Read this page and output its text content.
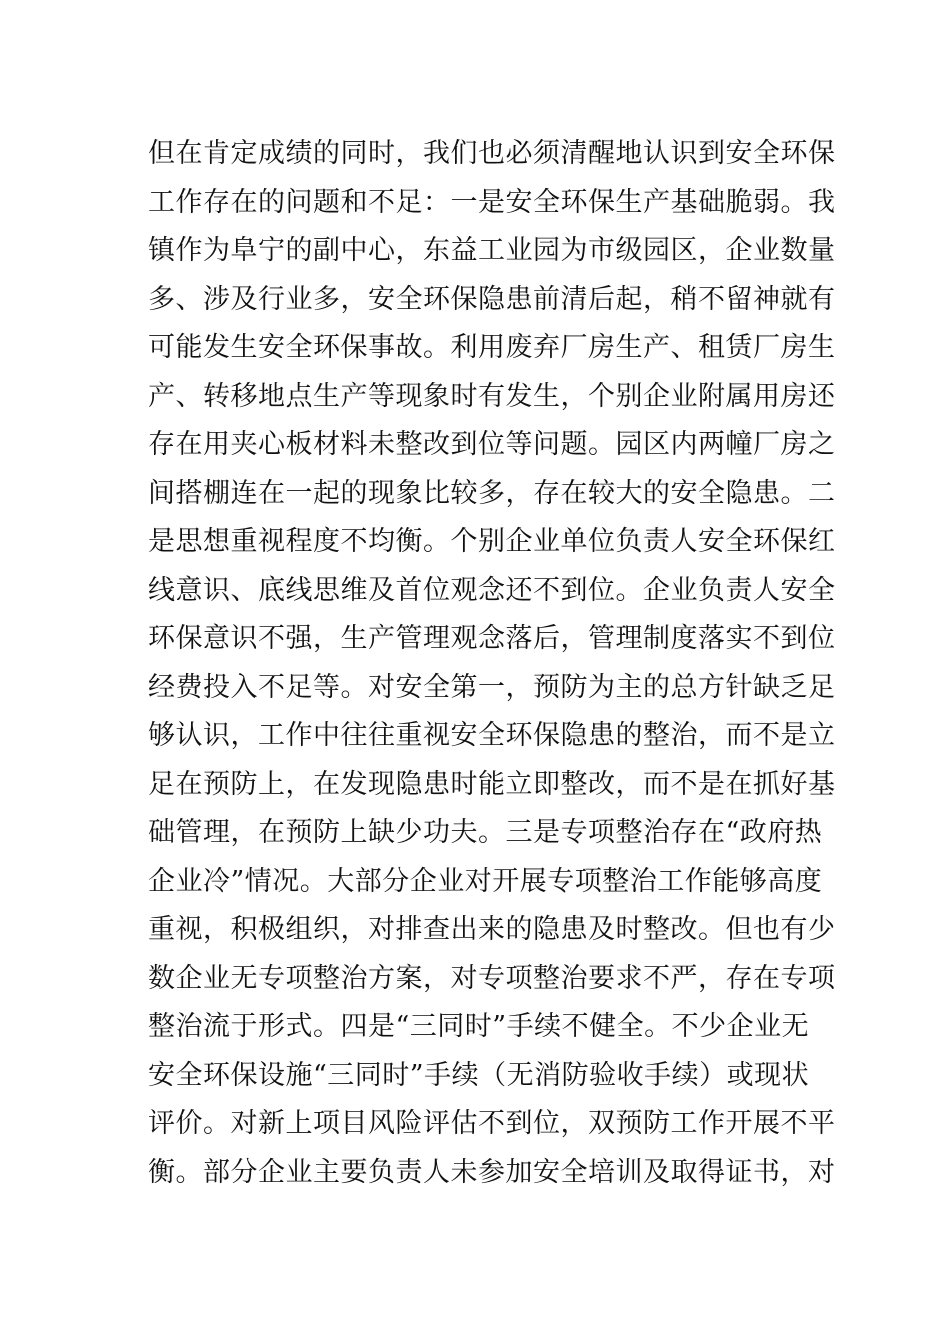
但在肯定成绩的同时，我们也必须清醒地认识到安全环保
工作存在的问题和不足：一是安全环保生产基础脆弱。我
镇作为阜宁的副中心，东益工业园为市级园区，企业数量
多、涉及行业多，安全环保隐患前清后起，稍不留神就有
可能发生安全环保事故。利用废弃厂房生产、租赁厂房生
产、转移地点生产等现象时有发生，个别企业附属用房还
存在用夹心板材料未整改到位等问题。园区内两幢厂房之
间搭棚连在一起的现象比较多，存在较大的安全隐患。二
是思想重视程度不均衡。个别企业单位负责人安全环保红
线意识、底线思维及首位观念还不到位。企业负责人安全
环保意识不强，生产管理观念落后，管理制度落实不到位
经费投入不足等。对安全第一，预防为主的总方针缺乏足
够认识，工作中往往重视安全环保隐患的整治，而不是立
足在预防上，在发现隐患时能立即整改，而不是在抓好基
础管理，在预防上缺少功夫。三是专项整治存在“政府热
企业冷”情况。大部分企业对开展专项整治工作能够高度
重视，积极组织，对排查出来的隐患及时整改。但也有少
数企业无专项整治方案，对专项整治要求不严，存在专项
整治流于形式。四是“三同时”手续不健全。不少企业无
安全环保设施“三同时”手续（无消防验收手续）或现状
评价。对新上项目风险评估不到位，双预防工作开展不平
衡。部分企业主要负责人未参加安全培训及取得证书，对
